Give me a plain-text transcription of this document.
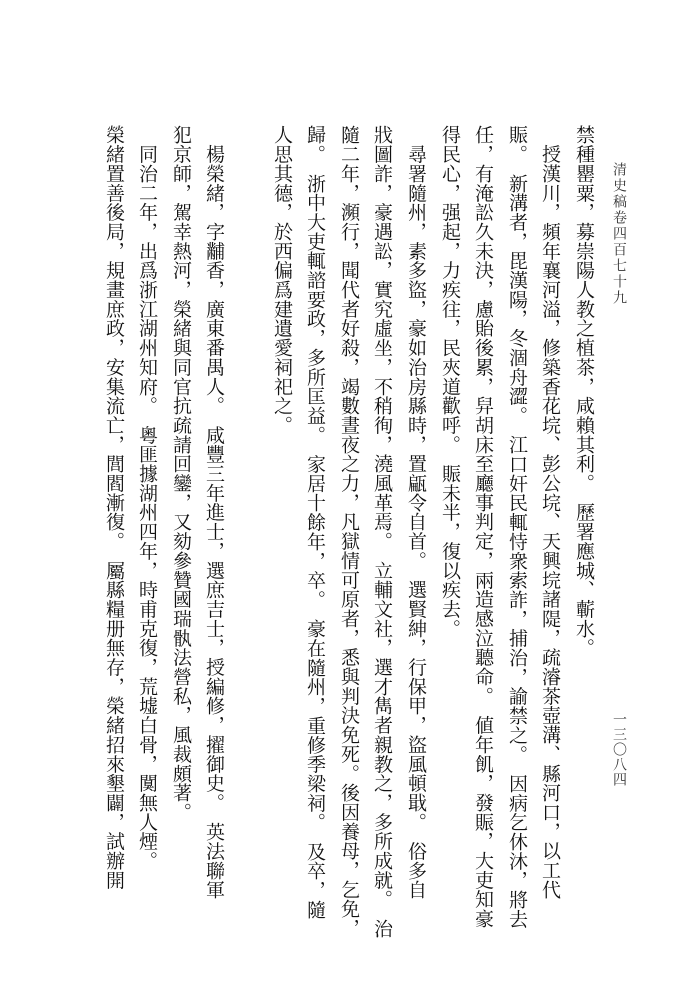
清史稿卷四百七十九
一三〇八四
禁種罌粟，募崇陽人教之植茶，咸賴其利。　歷署應城、蘄水。
　授漢川，頻年襄河溢，修築香花垸、彭公垸、天興垸諸隄，疏濬茶壺溝、縣河口，以工代
賑。　新溝者，毘漢陽，冬涸舟澀。　江口奸民輒恃衆索詐，捕治，諭禁之。　因病乞休沐，將去
任，有淹訟久未決，慮貽後累，舁胡床至廳事判定，兩造感泣聽命。　値年飢，發賑，大吏知豪
得民心，强起，力疾往，民夾道歡呼。　賑未半，復以疾去。
　尋署隨州，素多盜，豪如治房縣時，置甂令自首。　選賢紳，行保甲，盜風頓戢。　俗多自
戕圖詐，豪遇訟，實究虛坐，不稍徇，澆風革焉。　立輔文社，選才雋者親教之，多所成就。　治
隨二年，瀕行，聞代者好殺，竭數晝夜之力，凡獄情可原者，悉與判決免死。後因養母，乞免，
歸。　浙中大吏輒諮要政，多所匡益。　家居十餘年，卒。　豪在隨州，重修季梁祠。　及卒，隨
人思其德，於西偏爲建遺愛祠祀之。
　楊榮緒，字黼香，廣東番禺人。　咸豐三年進士，選庶吉士，授編修，擢御史。　英法聯軍
犯京師，駕幸熱河，榮緒與同官抗疏請回鑾，又劾參贊國瑞骫法營私，風裁頗著。
　同治二年，出爲浙江湖州知府。　粵匪據湖州四年，時甫克復，荒墟白骨，闃無人煙。
榮緒置善後局，規畫庶政，安集流亡，閭閻漸復。　屬縣糧册無存，榮緒招來墾闢，試辦開
